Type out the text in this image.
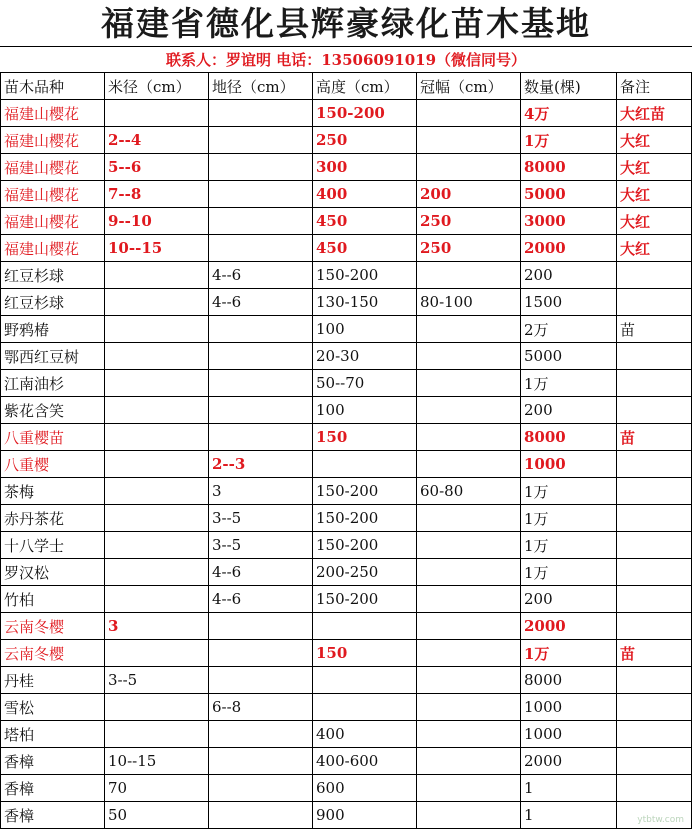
福建省德化县辉豪绿化苗木基地
联系人：罗谊明 电话：13506091019（微信同号）
苗木品种	米径（cm）	地径（cm）	高度（cm）	冠幅（cm）	数量(棵)	备注
福建山樱花			150-200		4万	大红苗
福建山樱花	2--4		250		1万	大红
福建山樱花	5--6		300		8000	大红
福建山樱花	7--8		400	200	5000	大红
福建山樱花	9--10		450	250	3000	大红
福建山樱花	10--15		450	250	2000	大红
红豆杉球		4--6	150-200		200	
红豆杉球		4--6	130-150	80-100	1500	
野鸦椿			100		2万	苗
鄂西红豆树			20-30		5000	
江南油杉			50--70		1万	
紫花含笑			100		200	
八重樱苗			150		8000	苗
八重樱		2--3			1000	
茶梅		3	150-200	60-80	1万	
赤丹茶花		3--5	150-200		1万	
十八学士		3--5	150-200		1万	
罗汉松		4--6	200-250		1万	
竹柏		4--6	150-200		200	
云南冬樱	3				2000	
云南冬樱			150		1万	苗
丹桂	3--5				8000	
雪松		6--8			1000	
塔柏			400		1000	
香樟	10--15		400-600		2000	
香樟	70		600		1	
香樟	50		900		1		ytbtw.com
